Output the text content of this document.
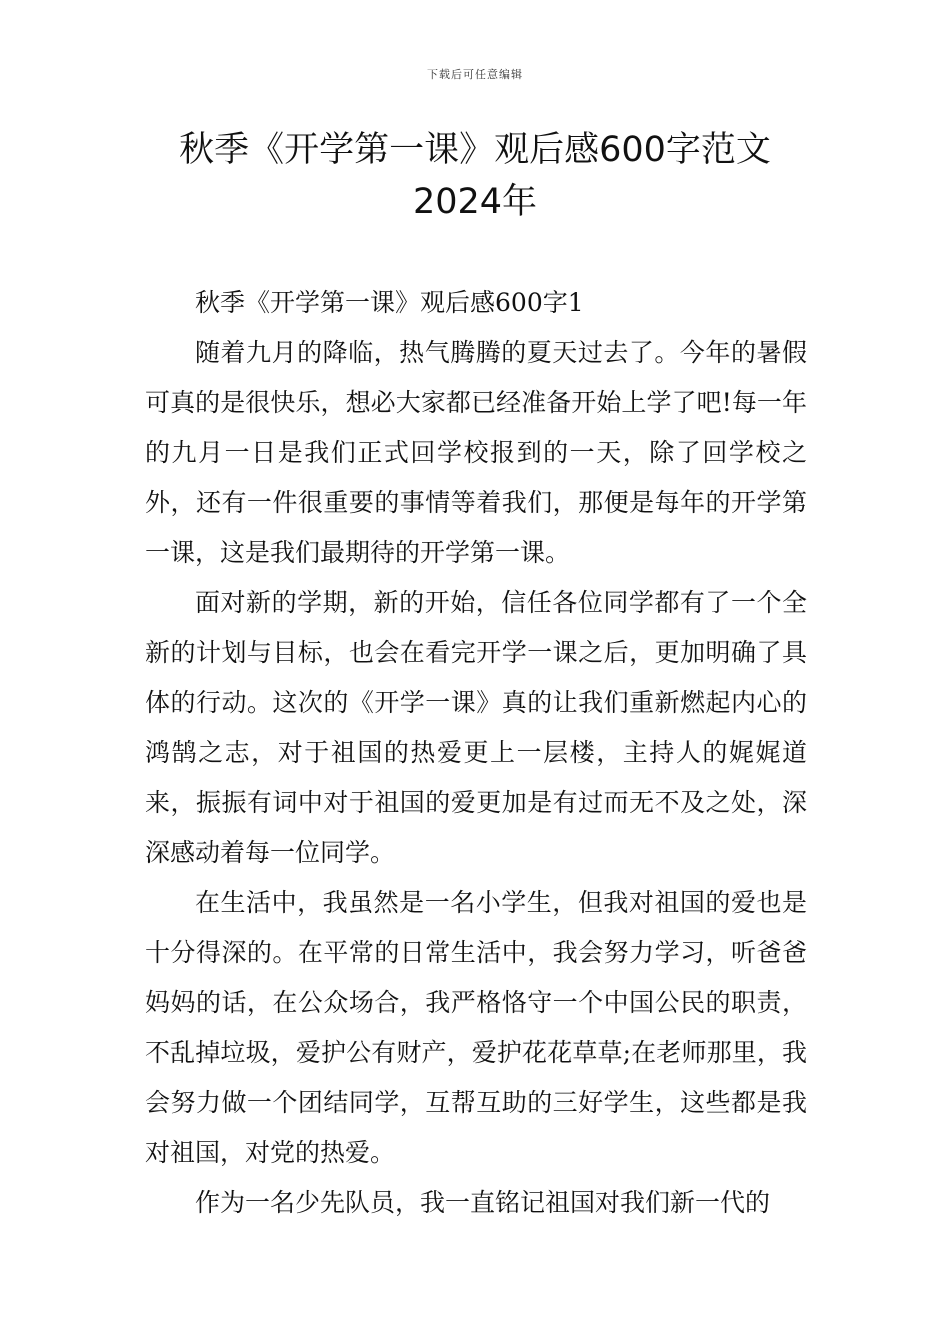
下载后可任意编辑
秋季《开学第一课》观后感600字范文
2024年

秋季《开学第一课》观后感600字1

随着九月的降临，热气腾腾的夏天过去了。今年的暑假可真的是很快乐，想必大家都已经准备开始上学了吧!每一年的九月一日是我们正式回学校报到的一天，除了回学校之外，还有一件很重要的事情等着我们，那便是每年的开学第一课，这是我们最期待的开学第一课。

面对新的学期，新的开始，信任各位同学都有了一个全新的计划与目标，也会在看完开学一课之后，更加明确了具体的行动。这次的《开学一课》真的让我们重新燃起内心的鸿鹄之志，对于祖国的热爱更上一层楼，主持人的娓娓道来，振振有词中对于祖国的爱更加是有过而无不及之处，深深感动着每一位同学。

在生活中，我虽然是一名小学生，但我对祖国的爱也是十分得深的。在平常的日常生活中，我会努力学习，听爸爸妈妈的话，在公众场合，我严格恪守一个中国公民的职责，不乱掉垃圾，爱护公有财产，爱护花花草草;在老师那里，我会努力做一个团结同学，互帮互助的三好学生，这些都是我对祖国，对党的热爱。

作为一名少先队员，我一直铭记祖国对我们新一代的
